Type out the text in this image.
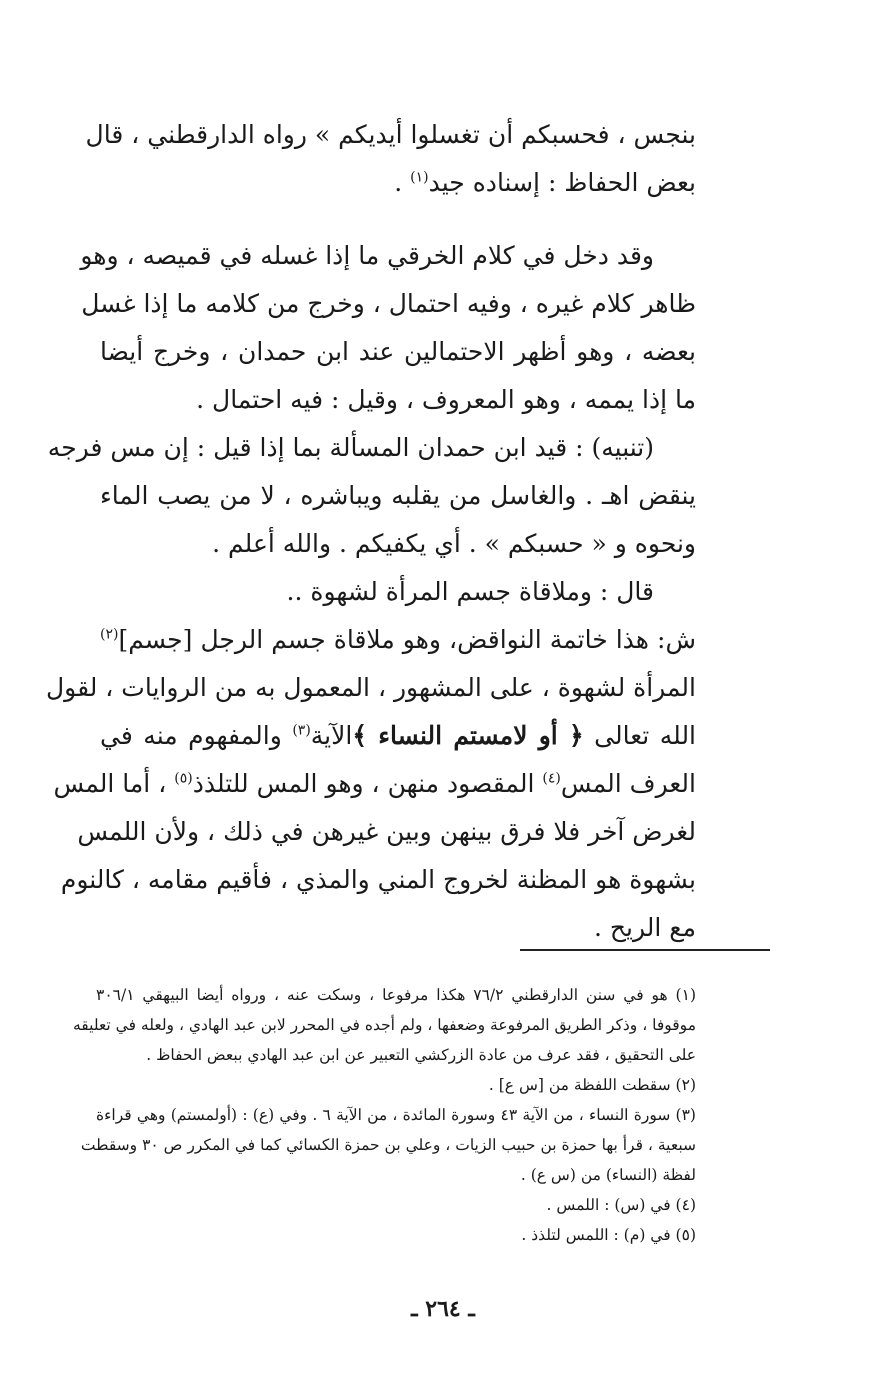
بنجس ، فحسبكم أن تغسلوا أيديكم » رواه الدارقطني ، قال
بعض الحفاظ : إسناده جيد$^{(١)}$ .
وقد دخل في كلام الخرقي ما إذا غسله في قميصه ، وهو
ظاهر كلام غيره ، وفيه احتمال ، وخرج من كلامه ما إذا غسل
بعضه ، وهو أظهر الاحتمالين عند ابن حمدان ، وخرج أيضا
ما إذا يممه ، وهو المعروف ، وقيل : فيه احتمال .
(تنبيه) : قيد ابن حمدان المسألة بما إذا قيل : إن مس فرجه
ينقض اهـ . والغاسل من يقلبه ويباشره ، لا من يصب الماء
ونحوه و « حسبكم » . أي يكفيكم . والله أعلم .
قال : وملاقاة جسم المرأة لشهوة ..
ش: هذا خاتمة النواقض، وهو ملاقاة جسم الرجل [جسم]$^{(٢)}$
المرأة لشهوة ، على المشهور ، المعمول به من الروايات ، لقول
الله تعالى ﴿ أو لامستم النساء ﴾الآية$^{(٣)}$ والمفهوم منه في
العرف المس$^{(٤)}$ المقصود منهن ، وهو المس للتلذذ$^{(٥)}$ ، أما المس
لغرض آخر فلا فرق بينهن وبين غيرهن في ذلك ، ولأن اللمس
بشهوة هو المظنة لخروج المني والمذي ، فأقيم مقامه ، كالنوم
مع الريح .
(١) هو في سنن الدارقطني ٧٦/٢ هكذا مرفوعا ، وسكت عنه ، ورواه أيضا البيهقي ٣٠٦/١
موقوفا ، وذكر الطريق المرفوعة وضعفها ، ولم أجده في المحرر لابن عبد الهادي ، ولعله في تعليقه
على التحقيق ، فقد عرف من عادة الزركشي التعبير عن ابن عبد الهادي ببعض الحفاظ .
(٢) سقطت اللفظة من [س ع] .
(٣) سورة النساء ، من الآية ٤٣ وسورة المائدة ، من الآية ٦ . وفي (ع) : (أولمستم) وهي قراءة
سبعية ، قرأ بها حمزة بن حبيب الزيات ، وعلي بن حمزة الكسائي كما في المكرر ص ٣٠ وسقطت
لفظة (النساء) من (س ع) .
(٤) في (س) : اللمس .
(٥) في (م) : اللمس لتلذذ .
ـ ٢٦٤ ـ
